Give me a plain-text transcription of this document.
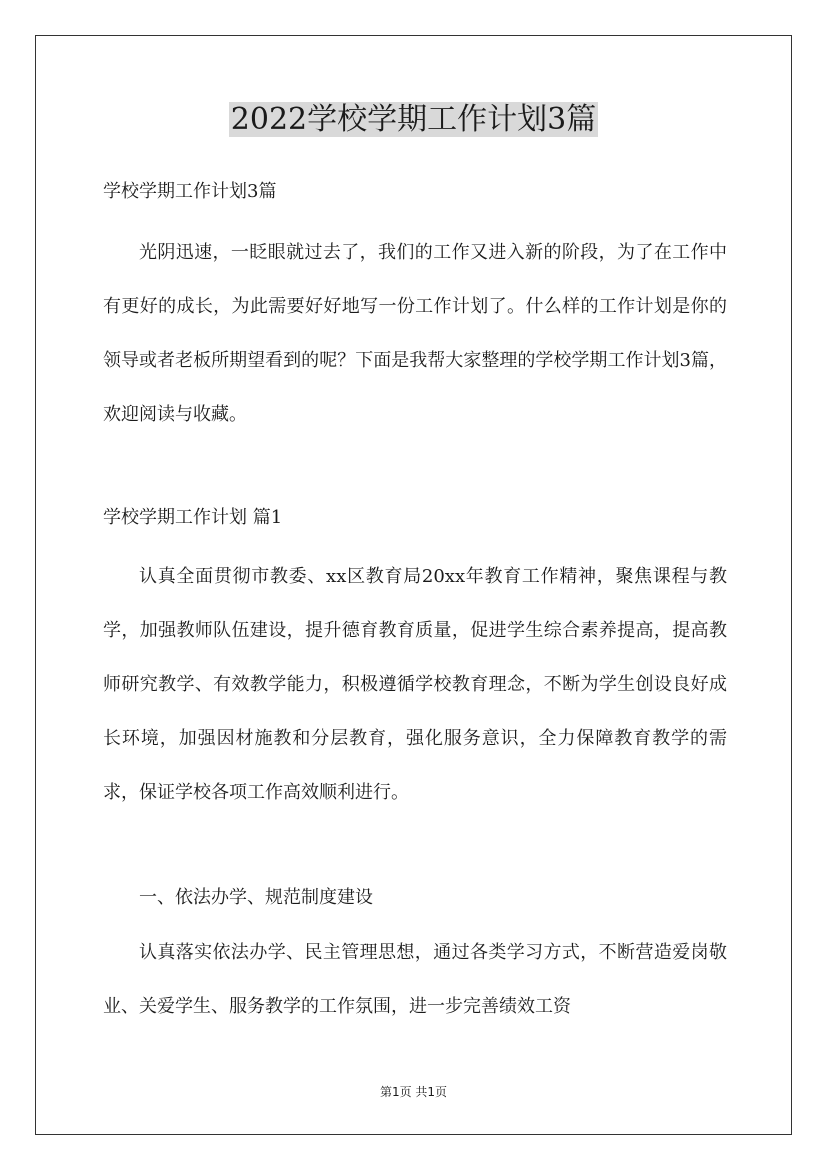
2022学校学期工作计划3篇

学校学期工作计划3篇

光阴迅速，一眨眼就过去了，我们的工作又进入新的阶段，为了在工作中有更好的成长，为此需要好好地写一份工作计划了。什么样的工作计划是你的领导或者老板所期望看到的呢？下面是我帮大家整理的学校学期工作计划3篇，欢迎阅读与收藏。

学校学期工作计划 篇1

认真全面贯彻市教委、xx区教育局20xx年教育工作精神，聚焦课程与教学，加强教师队伍建设，提升德育教育质量，促进学生综合素养提高，提高教师研究教学、有效教学能力，积极遵循学校教育理念，不断为学生创设良好成长环境，加强因材施教和分层教育，强化服务意识，全力保障教育教学的需求，保证学校各项工作高效顺利进行。

一、依法办学、规范制度建设

认真落实依法办学、民主管理思想，通过各类学习方式，不断营造爱岗敬业、关爱学生、服务教学的工作氛围，进一步完善绩效工资

第1页 共1页
